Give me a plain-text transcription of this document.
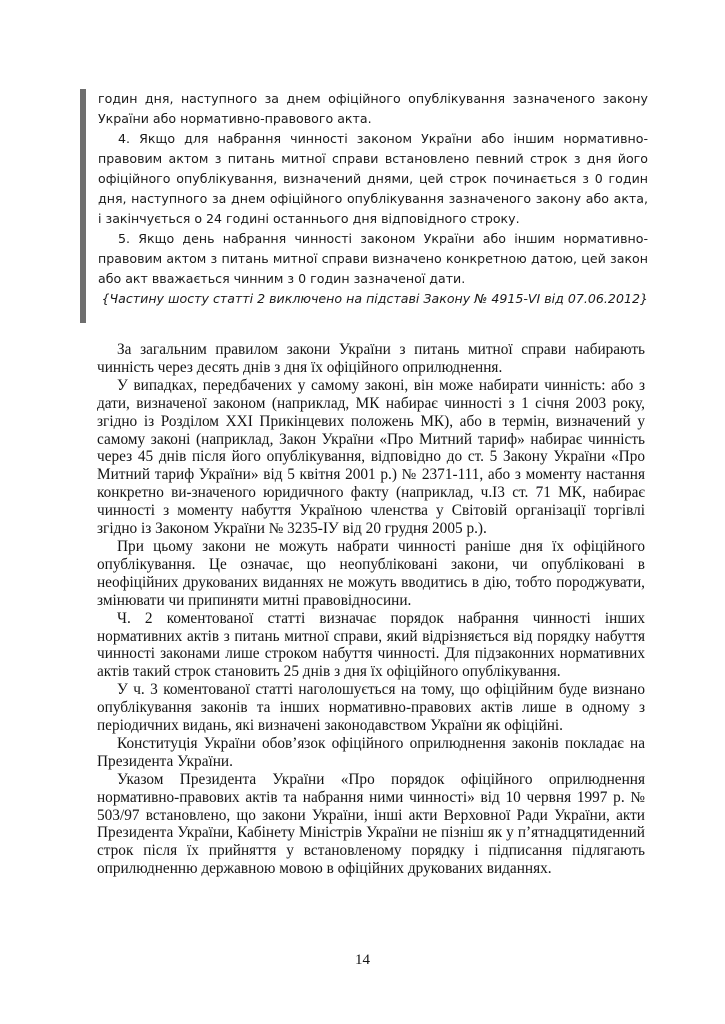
годин дня, наступного за днем офіційного опублікування зазначеного закону України або нормативно-правового акта.

4. Якщо для набрання чинності законом України або іншим нормативно-правовим актом з питань митної справи встановлено певний строк з дня його офіційного опублікування, визначений днями, цей строк починається з 0 годин дня, наступного за днем офіційного опублікування зазначеного закону або акта, і закінчується о 24 годині останнього дня відповідного строку.

5. Якщо день набрання чинності законом України або іншим нормативно-правовим актом з питань митної справи визначено конкретною датою, цей закон або акт вважається чинним з 0 годин зазначеної дати.

{Частину шосту статті 2 виключено на підставі Закону № 4915-VI від 07.06.2012}

За загальним правилом закони України з питань митної справи набирають чинність через десять днів з дня їх офіційного оприлюднення.

У випадках, передбачених у самому законі, він може набирати чинність: або з дати, визначеної законом (наприклад, МК набирає чинності з 1 січня 2003 року, згідно із Розділом XXI Прикінцевих положень МК), або в термін, визначений у самому законі (наприклад, Закон України «Про Митний тариф» набирає чинність через 45 днів після його опублікування, відповідно до ст. 5 Закону України «Про Митний тариф України» від 5 квітня 2001 р.) № 2371-111, або з моменту настання конкретно ви-значеного юридичного факту (наприклад, ч.І3 ст. 71 МК, набирає чинності з моменту набуття Україною членства у Світовій організації торгівлі згідно із Законом України № 3235-ІУ від 20 грудня 2005 р.).

При цьому закони не можуть набрати чинності раніше дня їх офіційного опублікування. Це означає, що неопубліковані закони, чи опубліковані в неофіційних друкованих виданнях не можуть вводитись в дію, тобто породжувати, змінювати чи припиняти митні правовідносини.

Ч. 2 коментованої статті визначає порядок набрання чинності інших нормативних актів з питань митної справи, який відрізняється від порядку набуття чинності законами лише строком набуття чинності. Для підзаконних нормативних актів такий строк становить 25 днів з дня їх офіційного опублікування.

У ч. 3 коментованої статті наголошується на тому, що офіційним буде визнано опублікування законів та інших нормативно-правових актів лише в одному з періодичних видань, які визначені законодавством України як офіційні.

Конституція України обов’язок офіційного оприлюднення законів покладає на Президента України.

Указом Президента України «Про порядок офіційного оприлюднення нормативно-правових актів та набрання ними чинності» від 10 червня 1997 р. № 503/97 встановлено, що закони України, інші акти Верховної Ради України, акти Президента України, Кабінету Міністрів України не пізніш як у п’ятнадцятиденний строк після їх прийняття у встановленому порядку і підписання підлягають оприлюдненню державною мовою в офіційних друкованих виданнях.

14
